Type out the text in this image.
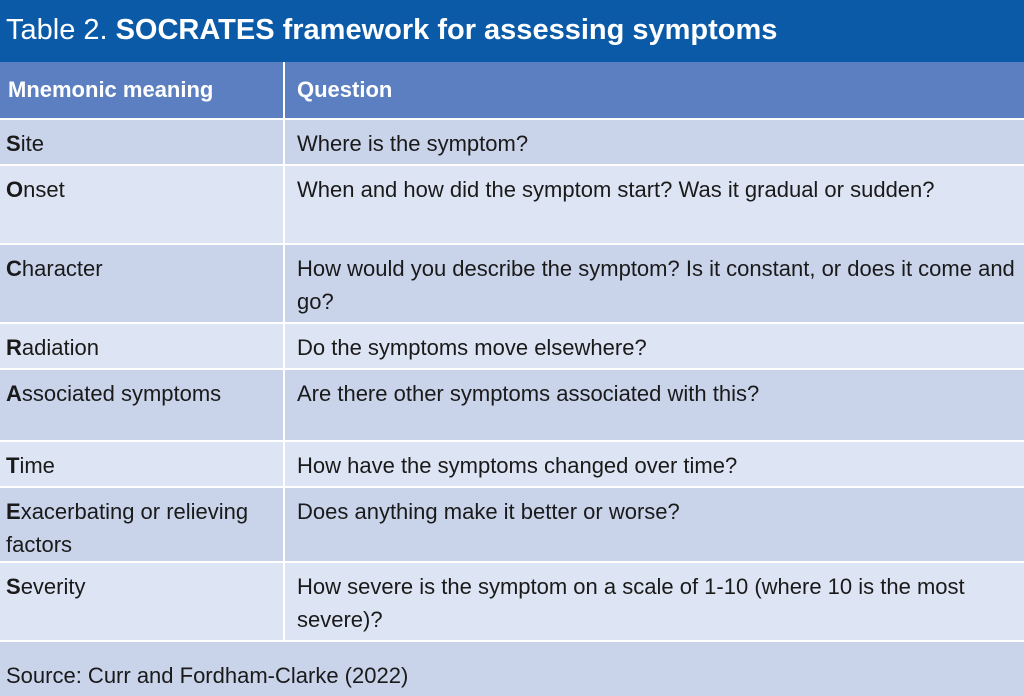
Table 2. SOCRATES framework for assessing symptoms
Mnemonic meaning	Question
Site	Where is the symptom?
Onset	When and how did the symptom start? Was it gradual or sudden?
Character	How would you describe the symptom? Is it constant, or does it come and go?
Radiation	Do the symptoms move elsewhere?
Associated symptoms	Are there other symptoms associated with this?
Time	How have the symptoms changed over time?
Exacerbating or relieving factors	Does anything make it better or worse?
Severity	How severe is the symptom on a scale of 1-10 (where 10 is the most severe)?
Source: Curr and Fordham-Clarke (2022)
